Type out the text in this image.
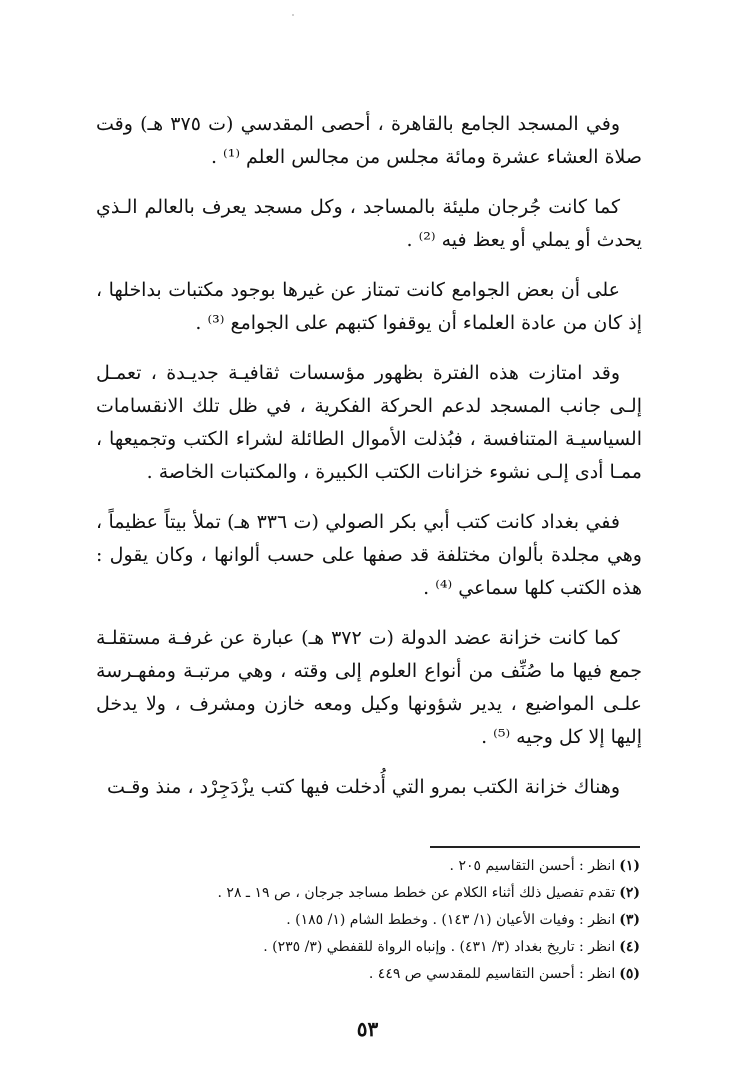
وفي المسجد الجامع بالقاهرة ، أحصى المقدسي (ت ٣٧٥ هـ) وقت صلاة العشاء عشرة ومائة مجلس من مجالس العلم ⁽¹⁾ .

كما كانت جُرجان مليئة بالمساجد ، وكل مسجد يعرف بالعالم الـذي يحدث أو يملي أو يعظ فيه ⁽²⁾ .

على أن بعض الجوامع كانت تمتاز عن غيرها بوجود مكتبات بداخلها ، إذ كان من عادة العلماء أن يوقفوا كتبهم على الجوامع ⁽³⁾ .

وقد امتازت هذه الفترة بظهور مؤسسات ثقافيـة جديـدة ، تعمـل إلـى جانب المسجد لدعم الحركة الفكرية ، في ظل تلك الانقسامات السياسيـة المتنافسة ، فبُذلت الأموال الطائلة لشراء الكتب وتجميعها ، ممـا أدى إلـى نشوء خزانات الكتب الكبيرة ، والمكتبات الخاصة .

ففي بغداد كانت كتب أبي بكر الصولي (ت ٣٣٦ هـ) تملأ بيتاً عظيماً ، وهي مجلدة بألوان مختلفة قد صفها على حسب ألوانها ، وكان يقول : هذه الكتب كلها سماعي ⁽⁴⁾ .

كما كانت خزانة عضد الدولة (ت ٣٧٢ هـ) عبارة عن غرفـة مستقلـة جمع فيها ما صُنِّف من أنواع العلوم إلى وقته ، وهي مرتبـة ومفهـرسة علـى المواضيع ، يدير شؤونها وكيل ومعه خازن ومشرف ، ولا يدخل إليها إلا كل وجيه ⁽⁵⁾ .

وهناك خزانة الكتب بمرو التي أُدخلت فيها كتب يزْدَجِرْد ، منذ وقـت

(١)انظر : أحسن التقاسيم ٢٠٥ .

(٢)تقدم تفصيل ذلك أثناء الكلام عن خطط مساجد جرجان ، ص ١٩ ـ ٢٨ .

(٣)انظر : وفيات الأعيان (١/ ١٤٣) . وخطط الشام (١/ ١٨٥) .

(٤)انظر : تاريخ بغداد (٣/ ٤٣١) . وإنباه الرواة للقفطي (٣/ ٢٣٥) .

(٥)انظر : أحسن التقاسيم للمقدسي ص ٤٤٩ .

٥٣
